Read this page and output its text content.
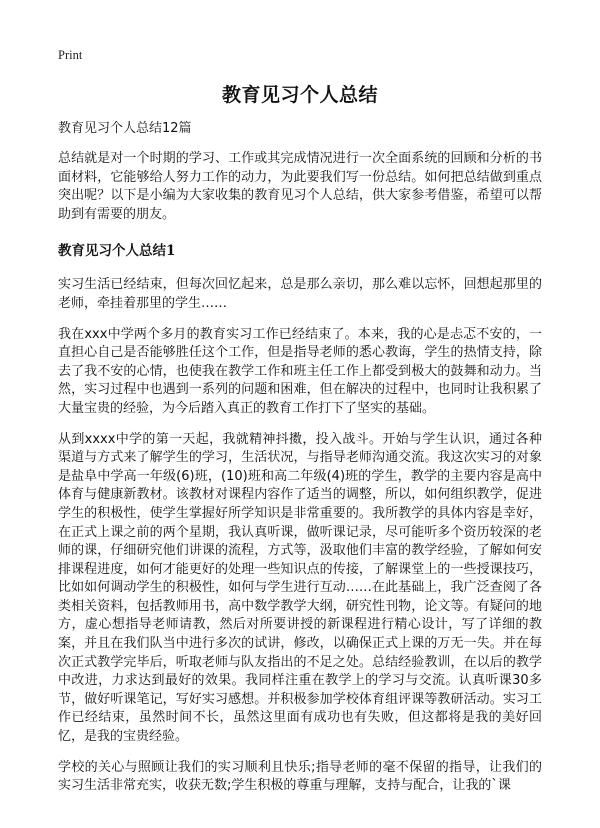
Print
教育见习个人总结
教育见习个人总结12篇

总结就是对一个时期的学习、工作或其完成情况进行一次全面系统的回顾和分析的书面材料，它能够给人努力工作的动力，为此要我们写一份总结。如何把总结做到重点突出呢？以下是小编为大家收集的教育见习个人总结，供大家参考借鉴，希望可以帮助到有需要的朋友。

教育见习个人总结1

实习生活已经结束，但每次回忆起来，总是那么亲切，那么难以忘怀，回想起那里的老师，牵挂着那里的学生……

我在xxx中学两个多月的教育实习工作已经结束了。本来，我的心是忐忑不安的，一直担心自己是否能够胜任这个工作，但是指导老师的悉心教诲，学生的热情支持，除去了我不安的心情，也使我在教学工作和班主任工作上都受到极大的鼓舞和动力。当然，实习过程中也遇到一系列的问题和困难，但在解决的过程中，也同时让我积累了大量宝贵的经验，为今后踏入真正的教育工作打下了坚实的基础。

从到xxxx中学的第一天起，我就精神抖擞，投入战斗。开始与学生认识，通过各种渠道与方式来了解学生的学习，生活状况，与指导老师沟通交流。我这次实习的对象是盐阜中学高一年级(6)班，(10)班和高二年级(4)班的学生，教学的主要内容是高中体育与健康新教材。该教材对课程内容作了适当的调整，所以，如何组织教学，促进学生的积极性，使学生掌握好所学知识是非常重要的。我所教学的具体内容是幸好，在正式上课之前的两个星期，我认真听课，做听课记录，尽可能听多个资历较深的老师的课，仔细研究他们讲课的流程，方式等，汲取他们丰富的教学经验，了解如何安排课程进度，如何才能更好的处理一些知识点的传接，了解课堂上的一些授课技巧，比如如何调动学生的积极性，如何与学生进行互动……在此基础上，我广泛查阅了各类相关资料，包括教师用书，高中数学教学大纲，研究性刊物，论文等。有疑问的地方，虚心想指导老师请教，然后对所要讲授的新课程进行精心设计，写了详细的教案，并且在我们队当中进行多次的试讲，修改，以确保正式上课的万无一失。并在每次正式教学完毕后，听取老师与队友指出的不足之处。总结经验教训，在以后的教学中改进，力求达到最好的效果。我同样注重在教学上的学习与交流。认真听课30多节，做好听课笔记，写好实习感想。并积极参加学校体育组评课等教研活动。实习工作已经结束，虽然时间不长，虽然这里面有成功也有失败，但这都将是我的美好回忆，是我的宝贵经验。

学校的关心与照顾让我们的实习顺利且快乐;指导老师的毫不保留的指导，让我们的实习生活非常充实，收获无数;学生积极的尊重与理解，支持与配合，让我的`课
